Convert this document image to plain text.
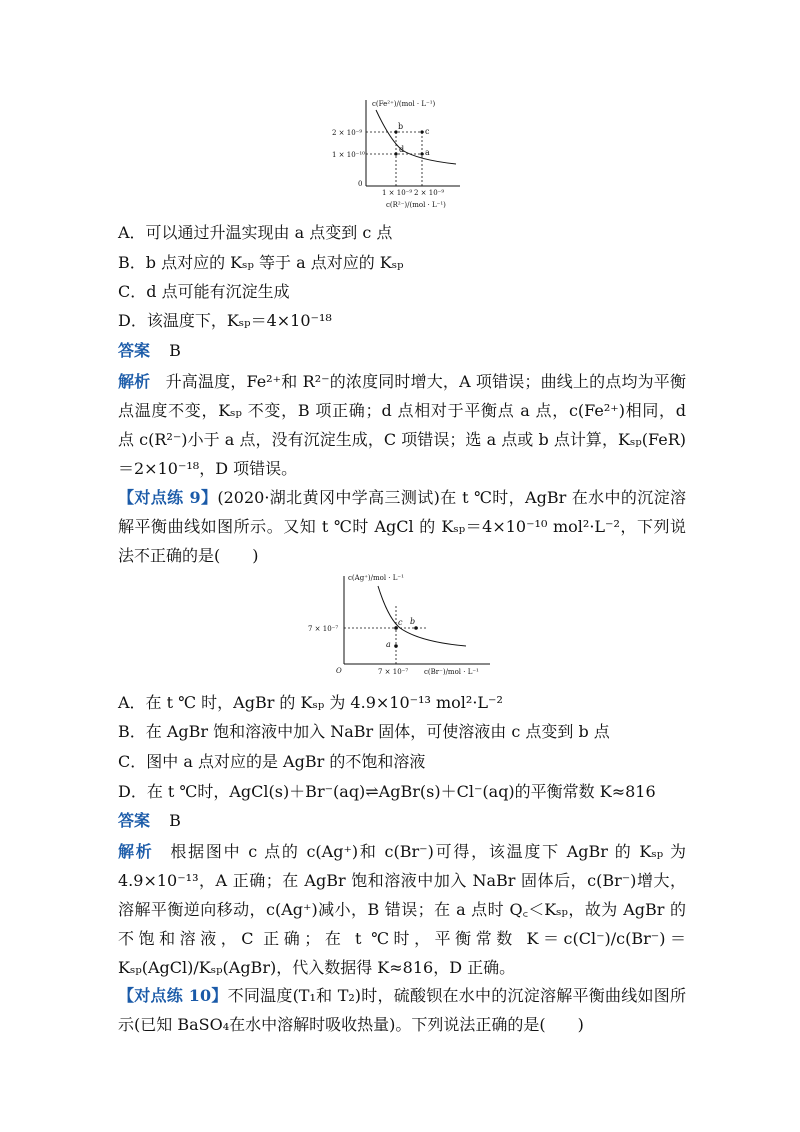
b
c
d	a
c(Fe²⁺)/(mol · L⁻¹)
2 × 10⁻⁹
1 × 10⁻¹⁰
0
1 × 10⁻⁹ 2 × 10⁻⁹
c(R²⁻)/(mol · L⁻¹)
A．可以通过升温实现由 a 点变到 c 点
B．b 点对应的 Kₛₚ 等于 a 点对应的 Kₛₚ
C．d 点可能有沉淀生成
D．该温度下，Kₛₚ＝4×10⁻¹⁸
答案 B
解析 升高温度，Fe²⁺和 R²⁻的浓度同时增大，A 项错误；曲线上的点均为平衡点温度不变，Kₛₚ 不变，B 项正确；d 点相对于平衡点 a 点，c(Fe²⁺)相同，d 点 c(R²⁻)小于 a 点，没有沉淀生成，C 项错误；选 a 点或 b 点计算，Kₛₚ(FeR)＝2×10⁻¹⁸，D 项错误。
【对点练 9】(2020·湖北黄冈中学高三测试)在 t ℃时，AgBr 在水中的沉淀溶解平衡曲线如图所示。又知 t ℃时 AgCl 的 Kₛₚ＝4×10⁻¹⁰ mol²·L⁻²，下列说法不正确的是(　　)
c b
a
c(Ag⁺)/mol · L⁻¹
7 × 10⁻⁷
O	7 × 10⁻⁷ c(Br⁻)/mol · L⁻¹
A．在 t ℃ 时，AgBr 的 Kₛₚ 为 4.9×10⁻¹³ mol²·L⁻²
B．在 AgBr 饱和溶液中加入 NaBr 固体，可使溶液由 c 点变到 b 点
C．图中 a 点对应的是 AgBr 的不饱和溶液
D．在 t ℃时，AgCl(s)＋Br⁻(aq)⇌AgBr(s)＋Cl⁻(aq)的平衡常数 K≈816
答案 B
解析 根据图中 c 点的 c(Ag⁺)和 c(Br⁻)可得，该温度下 AgBr 的 Kₛₚ 为 4.9×10⁻¹³，A 正确；在 AgBr 饱和溶液中加入 NaBr 固体后，c(Br⁻)增大，溶解平衡逆向移动，c(Ag⁺)减小，B 错误；在 a 点时 Q꜀＜Kₛₚ，故为 AgBr 的不饱和溶液，C 正确；在 t ℃时，平衡常数 K＝c(Cl⁻)/c(Br⁻)＝Kₛₚ(AgCl)/Kₛₚ(AgBr)，代入数据得 K≈816，D 正确。
【对点练 10】不同温度(T₁和 T₂)时，硫酸钡在水中的沉淀溶解平衡曲线如图所示(已知 BaSO₄在水中溶解时吸收热量)。下列说法正确的是(　　)
